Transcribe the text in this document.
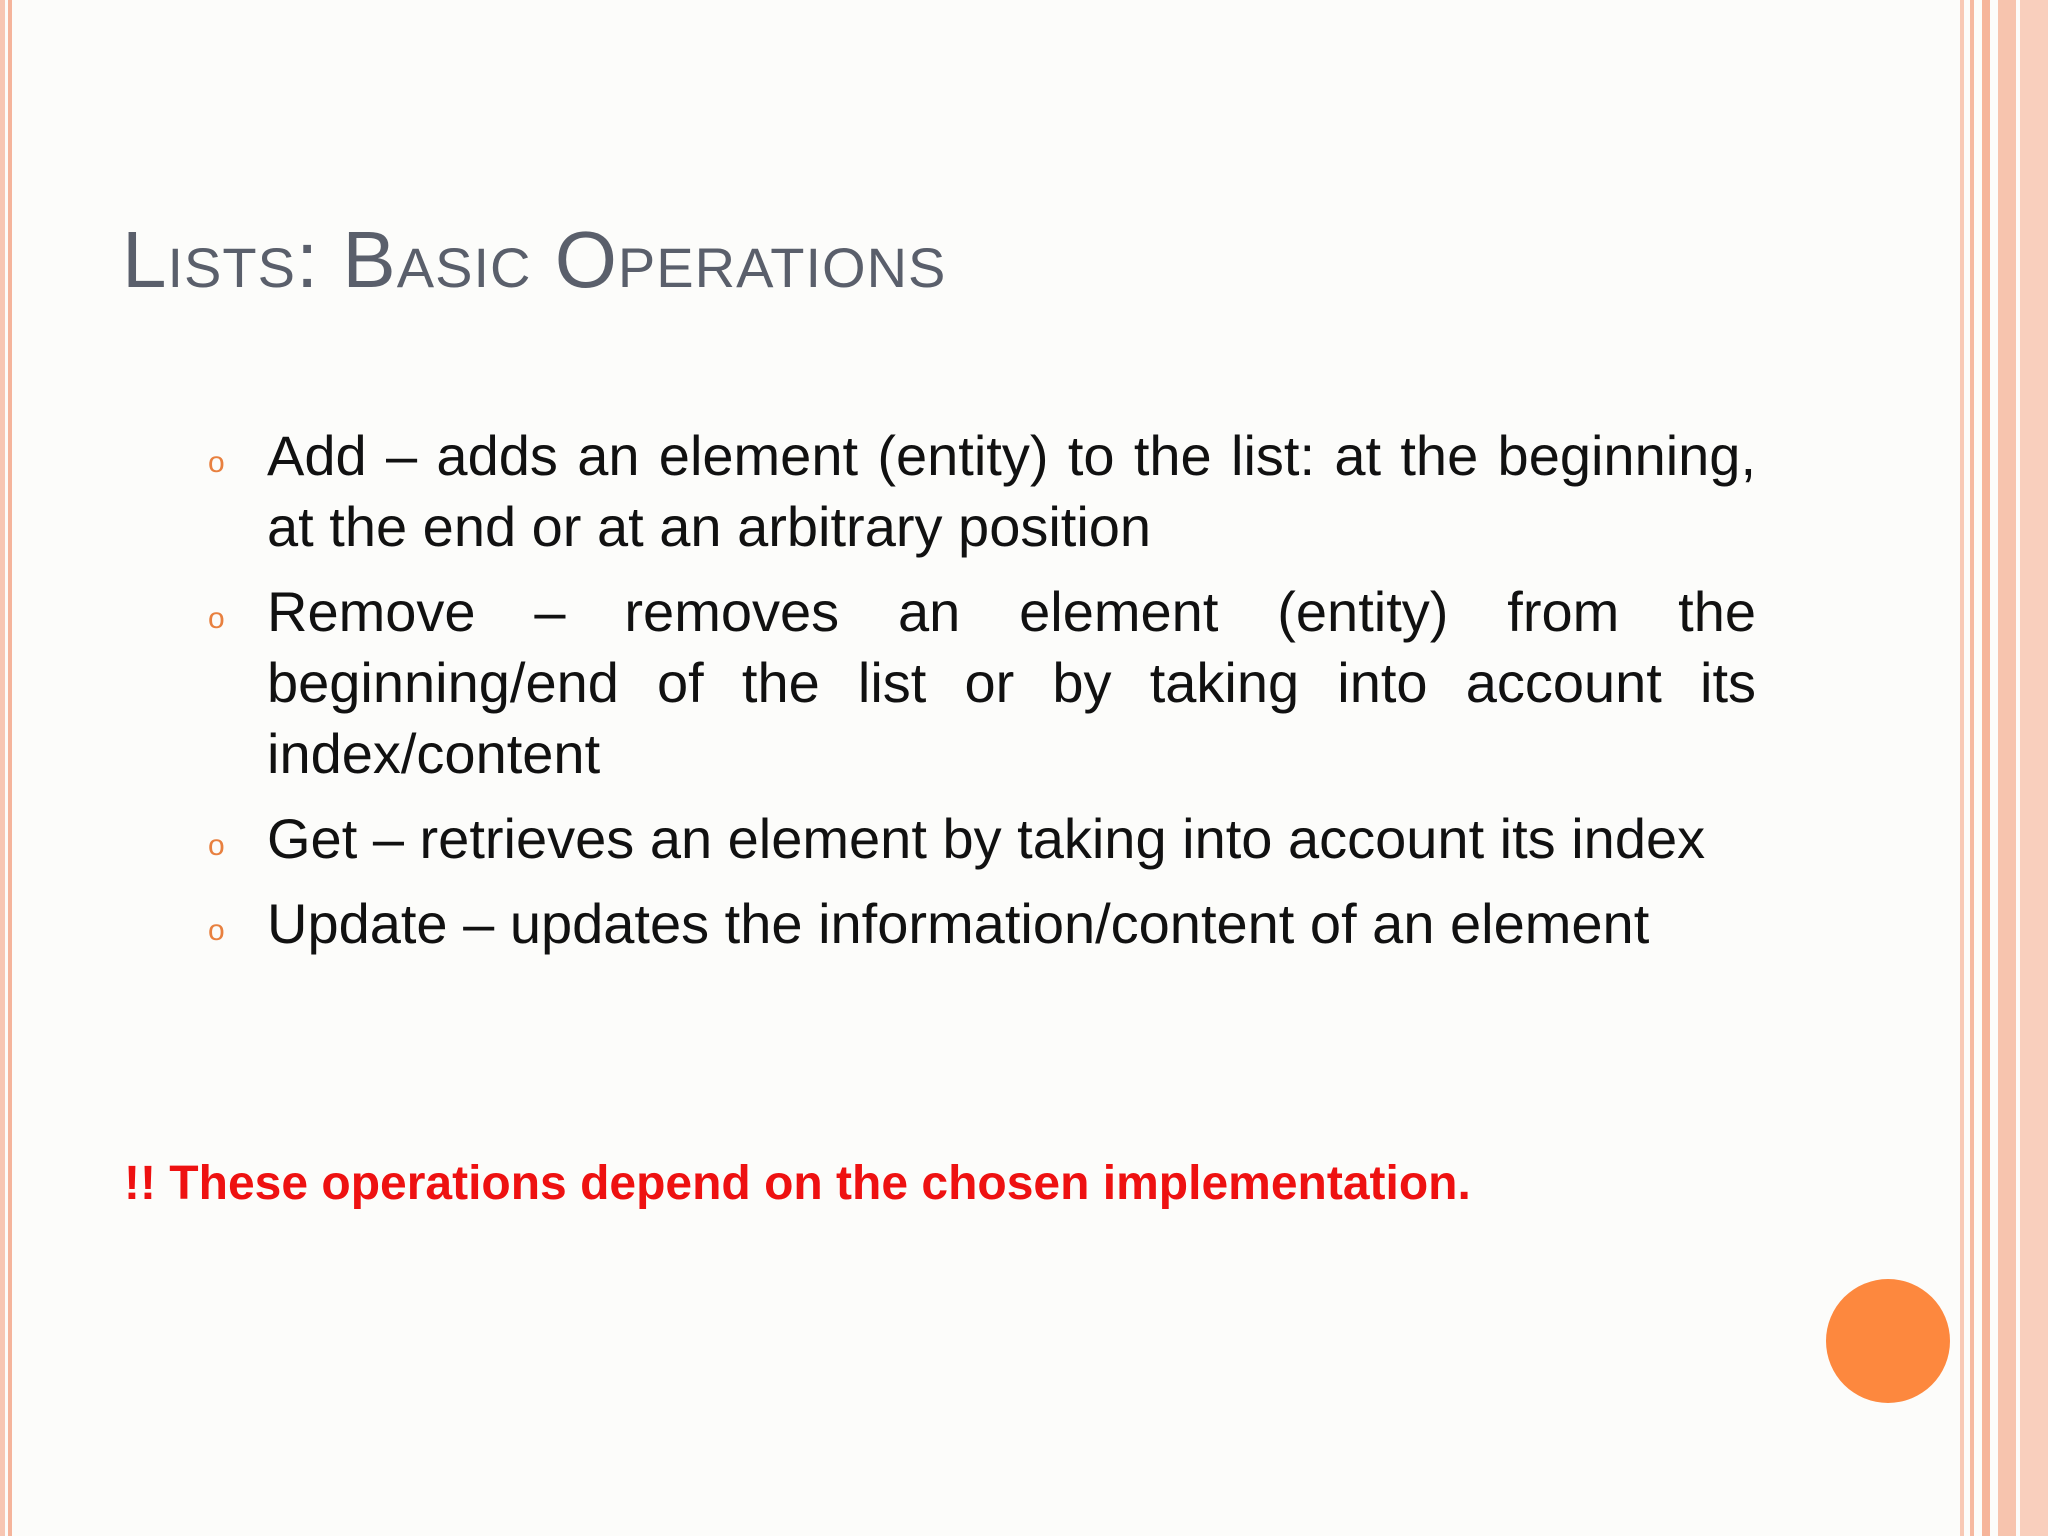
Lists: Basic Operations
o Add – adds an element (entity) to the list: at the beginning, at the end or at an arbitrary position
o Remove – removes an element (entity) from the beginning/end of the list or by taking into account its index/content
o Get – retrieves an element by taking into account its index
o Update – updates the information/content of an element

!! These operations depend on the chosen implementation.
